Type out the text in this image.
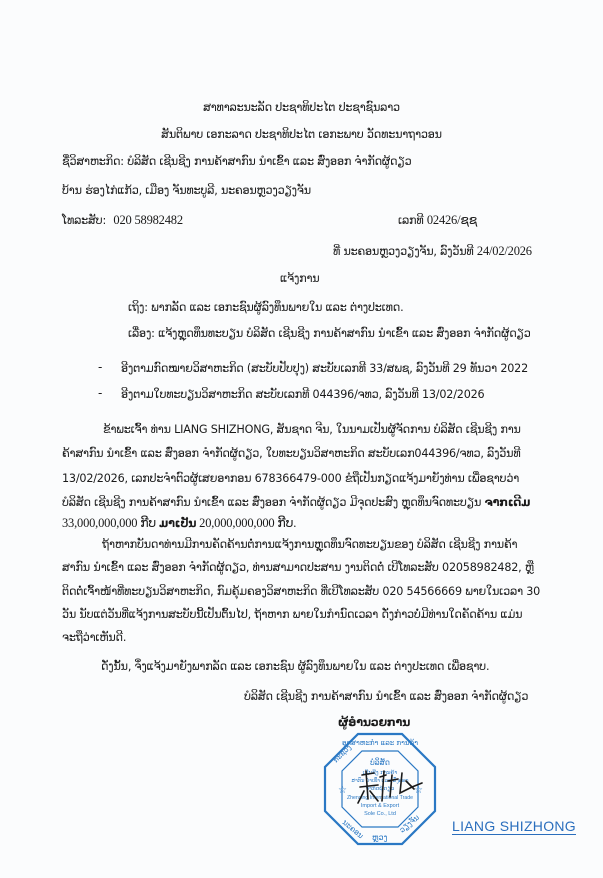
ສາທາລະນະລັດ ປະຊາທິປະໄຕ ປະຊາຊົນລາວ
ສັນຕິພາບ ເອກະລາດ ປະຊາທິປະໄຕ ເອກະພາບ ວັດທະນາຖາວອນ
ຊື່ວິສາຫະກິດ: ບໍລິສັດ ເຊີນຊີງ ການຄ້າສາກົນ ນຳເຂົ້າ ແລະ ສົ່ງອອກ ຈຳກັດຜູ້ດຽວ
ບ້ານ ຮ່ອງໄກ່ແກ້ວ, ເມືອງ ຈັນທະບູລີ, ນະຄອນຫຼວງວຽງຈັນ
ໂທລະສັບ: 020 58982482	ເລກທີ 02426/ຊຊ
ທີ່ ນະຄອນຫຼວງວຽງຈັນ, ລົງວັນທີ 24/02/2026
ແຈ້ງການ
ເຖິງ: ພາກລັດ ແລະ ເອກະຊົນຜູ້ລົງທຶນພາຍໃນ ແລະ ຕ່າງປະເທດ.
ເລື່ອງ: ແຈ້ງຫຼຸດທຶນທະບຽນ ບໍລິສັດ ເຊີນຊີງ ການຄ້າສາກົນ ນຳເຂົ້າ ແລະ ສົ່ງອອກ ຈຳກັດຜູ້ດຽວ
- ອີງຕາມກົດໝາຍວິສາຫະກິດ (ສະບັບປັບປຸງ) ສະບັບເລກທີ 33/ສພຊ, ລົງວັນທີ 29 ທັນວາ 2022
- ອີງຕາມໃບທະບຽນວິສາຫະກິດ ສະບັບເລກທີ 044396/ຈທວ, ລົງວັນທີ 13/02/2026
ຂ້າພະເຈົ້າ ທ່ານ LIANG SHIZHONG, ສັນຊາດ ຈີນ, ໃນນາມເປັນຜູ້ຈັດການ ບໍລິສັດ ເຊີນຊີງ ການ
ຄ້າສາກົນ ນຳເຂົ້າ ແລະ ສົ່ງອອກ ຈຳກັດຜູ້ດຽວ, ໃບທະບຽນວິສາຫະກິດ ສະບັບເລກ044396/ຈທວ, ລົງວັນທີ
13/02/2026, ເລກປະຈຳຕົວຜູ້ເສຍອາກອນ 678366479-000 ຂໍຖືເປັນກຽດແຈ້ງມາຍັງທ່ານ ເພື່ອຊາບວ່າ
ບໍລິສັດ ເຊີນຊີງ ການຄ້າສາກົນ ນຳເຂົ້າ ແລະ ສົ່ງອອກ ຈຳກັດຜູ້ດຽວ ມີຈຸດປະສົງ ຫຼຸດທຶນຈົດທະບຽນ ຈາກເດີມ
33,000,000,000 ກີບ ມາເປັນ 20,000,000,000 ກີບ.
ຖ້າຫາກບັນດາທ່ານມີການຄັດຄ້ານຕໍ່ການແຈ້ງການຫຼຸດທຶນຈົດທະບຽນຂອງ ບໍລິສັດ ເຊີນຊີງ ການຄ້າ
ສາກົນ ນຳເຂົ້າ ແລະ ສົ່ງອອກ ຈຳກັດຜູ້ດຽວ, ທ່ານສາມາດປະສານ ງານຕິດຕໍ່ ເບີໂທລະສັບ 02058982482, ຫຼື
ຕິດຕໍ່ເຈົ້າໜ້າທີ່ທະບຽນວິສາຫະກິດ, ກົມຄຸ້ມຄອງວິສາຫະກິດ ທີ່ເບີໂທລະສັບ 020 54566669 ພາຍໃນເວລາ 30
ວັນ ນັບແຕ່ວັນທີ່ແຈ້ງການສະບັບນີ້ເປັນຕົ້ນໄປ, ຖ້າຫາກ ພາຍໃນກຳນົດເວລາ ດັ່ງກ່າວບໍ່ມີທ່ານໃດຄັດຄ້ານ ແມ່ນ
ຈະຖືວ່າເຫັນດີ.
ດັ່ງນັ້ນ, ຈຶ່ງແຈ້ງມາຍັງພາກລັດ ແລະ ເອກະຊົນ ຜູ້ລົງທຶນພາຍໃນ ແລະ ຕ່າງປະເທດ ເພື່ອຊາບ.
ບໍລິສັດ ເຊີນຊີງ ການຄ້າສາກົນ ນຳເຂົ້າ ແລະ ສົ່ງອອກ ຈຳກັດຜູ້ດຽວ
ຜູ້ອຳນວຍການ
ອຸດສາຫະກຳ ແລະ ການຄ້າ
ກະຊວງ
☆	☆
ບໍລິສັດ
ເຊີນຊີງ ການຄ້າ
ສາກົນ ນຳເຂົ້າ ແລະ ສົ່ງອອກ
ຈຳກັດຜູ້ດຽວ
Zhenxing International Trade
Import & Export
Sole Co., Ltd
ນະຄອນ ຫຼວງ
ວຽງຈັນ LIANG SHIZHONG
